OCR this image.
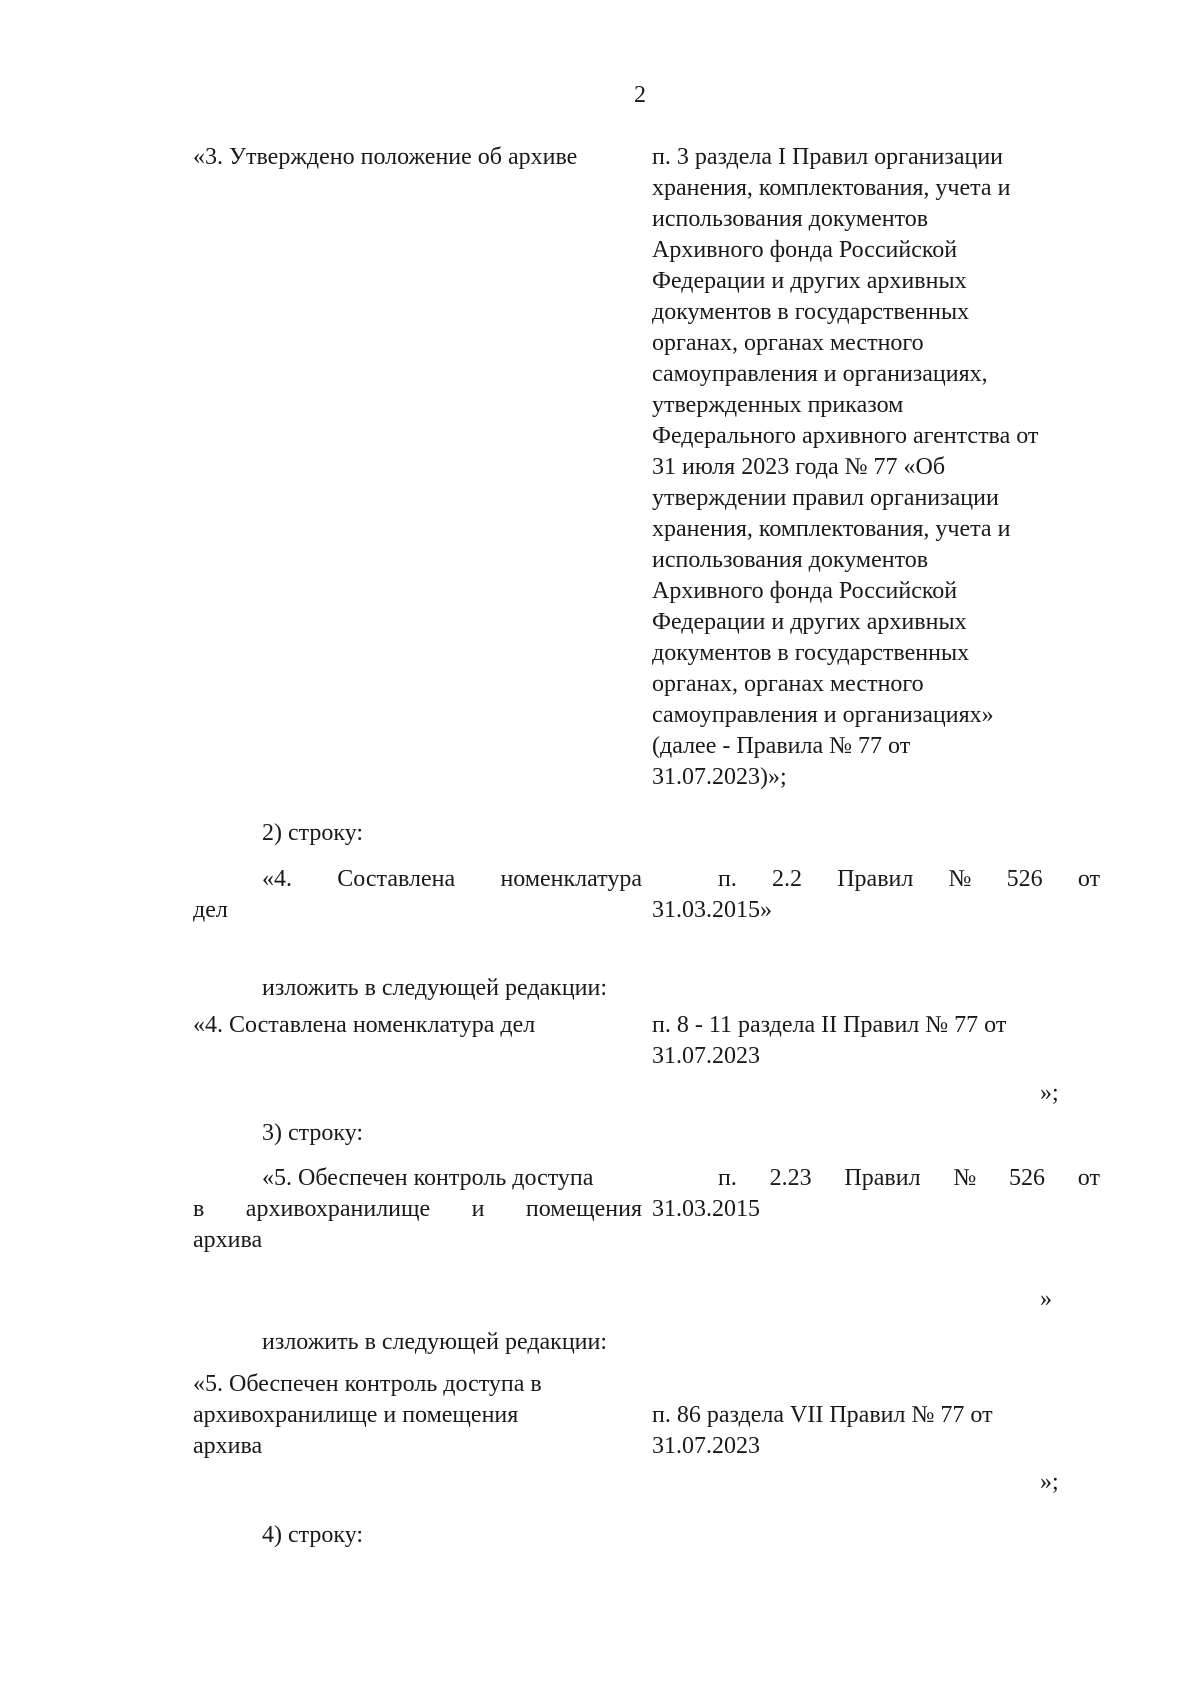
2
«3. Утверждено положение об архиве	п. 3 раздела I Правил организации
хранения, комплектования, учета и
использования документов
Архивного фонда Российской
Федерации и других архивных
документов в государственных
органах, органах местного
самоуправления и организациях,
утвержденных приказом
Федерального архивного агентства от
31 июля 2023 года № 77 «Об
утверждении правил организации
хранения, комплектования, учета и
использования документов
Архивного фонда Российской
Федерации и других архивных
документов в государственных
органах, органах местного
самоуправления и организациях»
(далее - Правила № 77 от
31.07.2023)»;
2) строку:
«4. Составлена номенклатура
дел
п. 2.2 Правил № 526 от
31.03.2015»
изложить в следующей редакции:
«4. Составлена номенклатура дел	п. 8 - 11 раздела II Правил № 77 от
31.07.2023
»;
3) строку:
«5. Обеспечен контроль доступа
в архивохранилище и помещения
архива
п. 2.23 Правил № 526 от
31.03.2015
»
изложить в следующей редакции:
«5. Обеспечен контроль доступа в
архивохранилище и помещения
архива
п. 86 раздела VII Правил № 77 от
31.07.2023
»;
4) строку:
